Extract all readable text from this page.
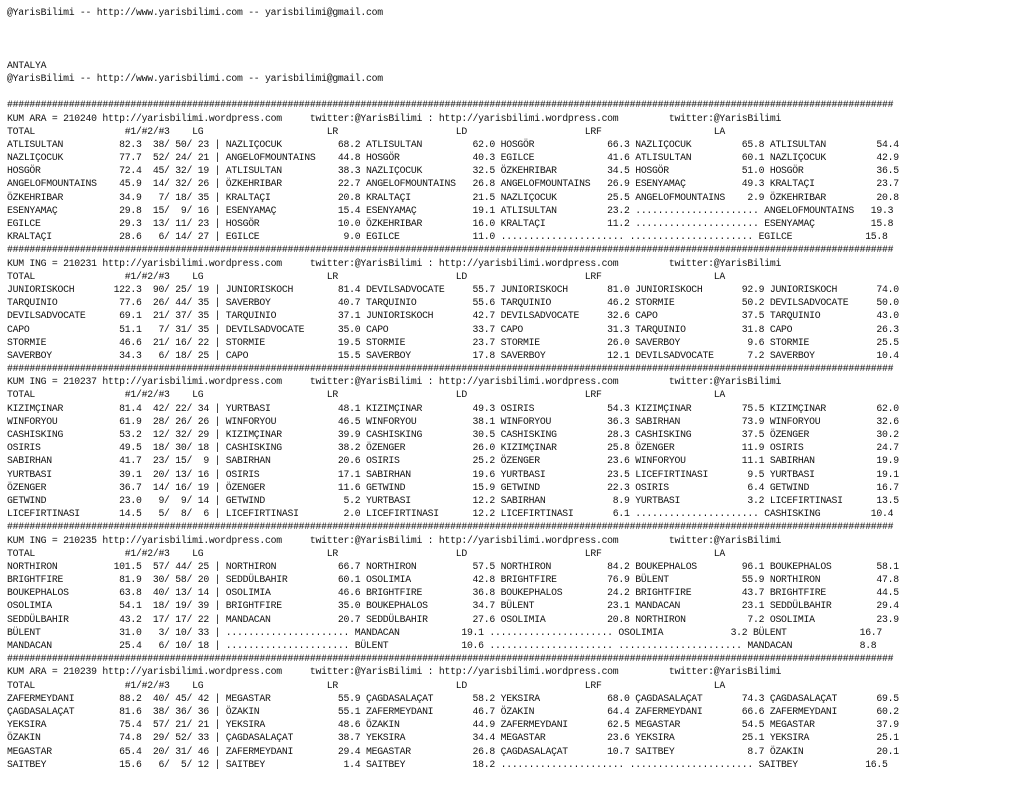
@YarisBilimi -- http://www.yarisbilimi.com -- yarisbilimi@gmail.com
ANTALYA
@YarisBilimi -- http://www.yarisbilimi.com -- yarisbilimi@gmail.com
##############################################################################################################################################################
KUM ARA = 210240 http://yarisbilimi.wordpress.com     twitter:@YarisBilimi : http://yarisbilimi.wordpress.com         twitter:@YarisBilimi
TOTAL                #1/#2/#3    LG                      LR                     LD                     LRF                    LA
ATLISULTAN          82.3  38/ 50/ 23 | NAZLIÇOCUK          68.2 ATLISULTAN         62.0 HOSGÖR             66.3 NAZLIÇOCUK         65.8 ATLISULTAN         54.4
NAZLIÇOCUK          77.7  52/ 24/ 21 | ANGELOFMOUNTAINS    44.8 HOSGÖR             40.3 EGILCE             41.6 ATLISULTAN         60.1 NAZLIÇOCUK         42.9
HOSGÖR              72.4  45/ 32/ 19 | ATLISULTAN          38.3 NAZLIÇOCUK         32.5 ÖZKEHRIBAR         34.5 HOSGÖR             51.0 HOSGÖR             36.5
ANGELOFMOUNTAINS    45.9  14/ 32/ 26 | ÖZKEHRIBAR          22.7 ANGELOFMOUNTAINS   26.8 ANGELOFMOUNTAINS   26.9 ESENYAMAÇ          49.3 KRALTAÇI           23.7
ÖZKEHRIBAR          34.9   7/ 18/ 35 | KRALTAÇI            20.8 KRALTAÇI           21.5 NAZLIÇOCUK         25.5 ANGELOFMOUNTAINS    2.9 ÖZKEHRIBAR         20.8
ESENYAMAÇ           29.8  15/  9/ 16 | ESENYAMAÇ           15.4 ESENYAMAÇ          19.1 ATLISULTAN         23.2 ...................... ANGELOFMOUNTAINS   19.3
EGILCE              29.3  13/ 11/ 23 | HOSGÖR              10.0 ÖZKEHRIBAR         16.0 KRALTAÇI           11.2 ...................... ESENYAMAÇ          15.8
KRALTAÇI            28.6   6/ 14/ 27 | EGILCE               9.0 EGILCE             11.0 ...................... ...................... EGILCE             15.8
##############################################################################################################################################################
KUM ING = 210231 http://yarisbilimi.wordpress.com     twitter:@YarisBilimi : http://yarisbilimi.wordpress.com         twitter:@YarisBilimi
TOTAL                #1/#2/#3    LG                      LR                     LD                     LRF                    LA
JUNIORISKOCH       122.3  90/ 25/ 19 | JUNIORISKOCH        81.4 DEVILSADVOCATE     55.7 JUNIORISKOCH       81.0 JUNIORISKOCH       92.9 JUNIORISKOCH       74.0
TARQUINIO           77.6  26/ 44/ 35 | SAVERBOY            40.7 TARQUINIO          55.6 TARQUINIO          46.2 STORMIE            50.2 DEVILSADVOCATE     50.0
DEVILSADVOCATE      69.1  21/ 37/ 35 | TARQUINIO           37.1 JUNIORISKOCH       42.7 DEVILSADVOCATE     32.6 CAPO               37.5 TARQUINIO          43.0
CAPO                51.1   7/ 31/ 35 | DEVILSADVOCATE      35.0 CAPO               33.7 CAPO               31.3 TARQUINIO          31.8 CAPO               26.3
STORMIE             46.6  21/ 16/ 22 | STORMIE             19.5 STORMIE            23.7 STORMIE            26.0 SAVERBOY            9.6 STORMIE            25.5
SAVERBOY            34.3   6/ 18/ 25 | CAPO                15.5 SAVERBOY           17.8 SAVERBOY           12.1 DEVILSADVOCATE      7.2 SAVERBOY           10.4
##############################################################################################################################################################
KUM ING = 210237 http://yarisbilimi.wordpress.com     twitter:@YarisBilimi : http://yarisbilimi.wordpress.com         twitter:@YarisBilimi
TOTAL                #1/#2/#3    LG                      LR                     LD                     LRF                    LA
KIZIMÇINAR          81.4  42/ 22/ 34 | YURTBASI            48.1 KIZIMÇINAR         49.3 OSIRIS             54.3 KIZIMÇINAR         75.5 KIZIMÇINAR         62.0
WINFORYOU           61.9  28/ 26/ 26 | WINFORYOU           46.5 WINFORYOU          38.1 WINFORYOU          36.3 SABIRHAN           73.9 WINFORYOU          32.6
CASHISKING          53.2  12/ 32/ 29 | KIZIMÇINAR          39.9 CASHISKING         30.5 CASHISKING         28.3 CASHISKING         37.5 ÖZENGER            30.2
OSIRIS              49.5  18/ 30/ 18 | CASHISKING          38.2 ÖZENGER            26.0 KIZIMÇINAR         25.8 ÖZENGER            11.9 OSIRIS             24.7
SABIRHAN            41.7  23/ 15/  9 | SABIRHAN            20.6 OSIRIS             25.2 ÖZENGER            23.6 WINFORYOU          11.1 SABIRHAN           19.9
YURTBASI            39.1  20/ 13/ 16 | OSIRIS              17.1 SABIRHAN           19.6 YURTBASI           23.5 LICEFIRTINASI       9.5 YURTBASI           19.1
ÖZENGER             36.7  14/ 16/ 19 | ÖZENGER             11.6 GETWIND            15.9 GETWIND            22.3 OSIRIS              6.4 GETWIND            16.7
GETWIND             23.0   9/  9/ 14 | GETWIND              5.2 YURTBASI           12.2 SABIRHAN            8.9 YURTBASI            3.2 LICEFIRTINASI      13.5
LICEFIRTINASI       14.5   5/  8/  6 | LICEFIRTINASI        2.0 LICEFIRTINASI      12.2 LICEFIRTINASI       6.1 ...................... CASHISKING         10.4
##############################################################################################################################################################
KUM ING = 210235 http://yarisbilimi.wordpress.com     twitter:@YarisBilimi : http://yarisbilimi.wordpress.com         twitter:@YarisBilimi
TOTAL                #1/#2/#3    LG                      LR                     LD                     LRF                    LA
NORTHIRON          101.5  57/ 44/ 25 | NORTHIRON           66.7 NORTHIRON          57.5 NORTHIRON          84.2 BOUKEPHALOS        96.1 BOUKEPHALOS        58.1
BRIGHTFIRE          81.9  30/ 58/ 20 | SEDDÜLBAHIR         60.1 OSOLIMIA           42.8 BRIGHTFIRE         76.9 BÜLENT             55.9 NORTHIRON          47.8
BOUKEPHALOS         63.8  40/ 13/ 14 | OSOLIMIA            46.6 BRIGHTFIRE         36.8 BOUKEPHALOS        24.2 BRIGHTFIRE         43.7 BRIGHTFIRE         44.5
OSOLIMIA            54.1  18/ 19/ 39 | BRIGHTFIRE          35.0 BOUKEPHALOS        34.7 BÜLENT             23.1 MANDACAN           23.1 SEDDÜLBAHIR        29.4
SEDDÜLBAHIR         43.2  17/ 17/ 22 | MANDACAN            20.7 SEDDÜLBAHIR        27.6 OSOLIMIA           20.8 NORTHIRON           7.2 OSOLIMIA           23.9
BÜLENT              31.0   3/ 10/ 33 | ...................... MANDACAN           19.1 ...................... OSOLIMIA            3.2 BÜLENT             16.7
MANDACAN            25.4   6/ 10/ 18 | ...................... BÜLENT             10.6 ...................... ...................... MANDACAN            8.8
##############################################################################################################################################################
KUM ARA = 210239 http://yarisbilimi.wordpress.com     twitter:@YarisBilimi : http://yarisbilimi.wordpress.com         twitter:@YarisBilimi
TOTAL                #1/#2/#3    LG                      LR                     LD                     LRF                    LA
ZAFERMEYDANI        88.2  40/ 45/ 42 | MEGASTAR            55.9 ÇAGDASALAÇAT       58.2 YEKSIRA            68.0 ÇAGDASALAÇAT       74.3 ÇAGDASALAÇAT       69.5
ÇAGDASALAÇAT        81.6  38/ 36/ 36 | ÖZAKIN              55.1 ZAFERMEYDANI       46.7 ÖZAKIN             64.4 ZAFERMEYDANI       66.6 ZAFERMEYDANI       60.2
YEKSIRA             75.4  57/ 21/ 21 | YEKSIRA             48.6 ÖZAKIN             44.9 ZAFERMEYDANI       62.5 MEGASTAR           54.5 MEGASTAR           37.9
ÖZAKIN              74.8  29/ 52/ 33 | ÇAGDASALAÇAT        38.7 YEKSIRA            34.4 MEGASTAR           23.6 YEKSIRA            25.1 YEKSIRA            25.1
MEGASTAR            65.4  20/ 31/ 46 | ZAFERMEYDANI        29.4 MEGASTAR           26.8 ÇAGDASALAÇAT       10.7 SAITBEY             8.7 ÖZAKIN             20.1
SAITBEY             15.6   6/  5/ 12 | SAITBEY              1.4 SAITBEY            18.2 ...................... ...................... SAITBEY            16.5
